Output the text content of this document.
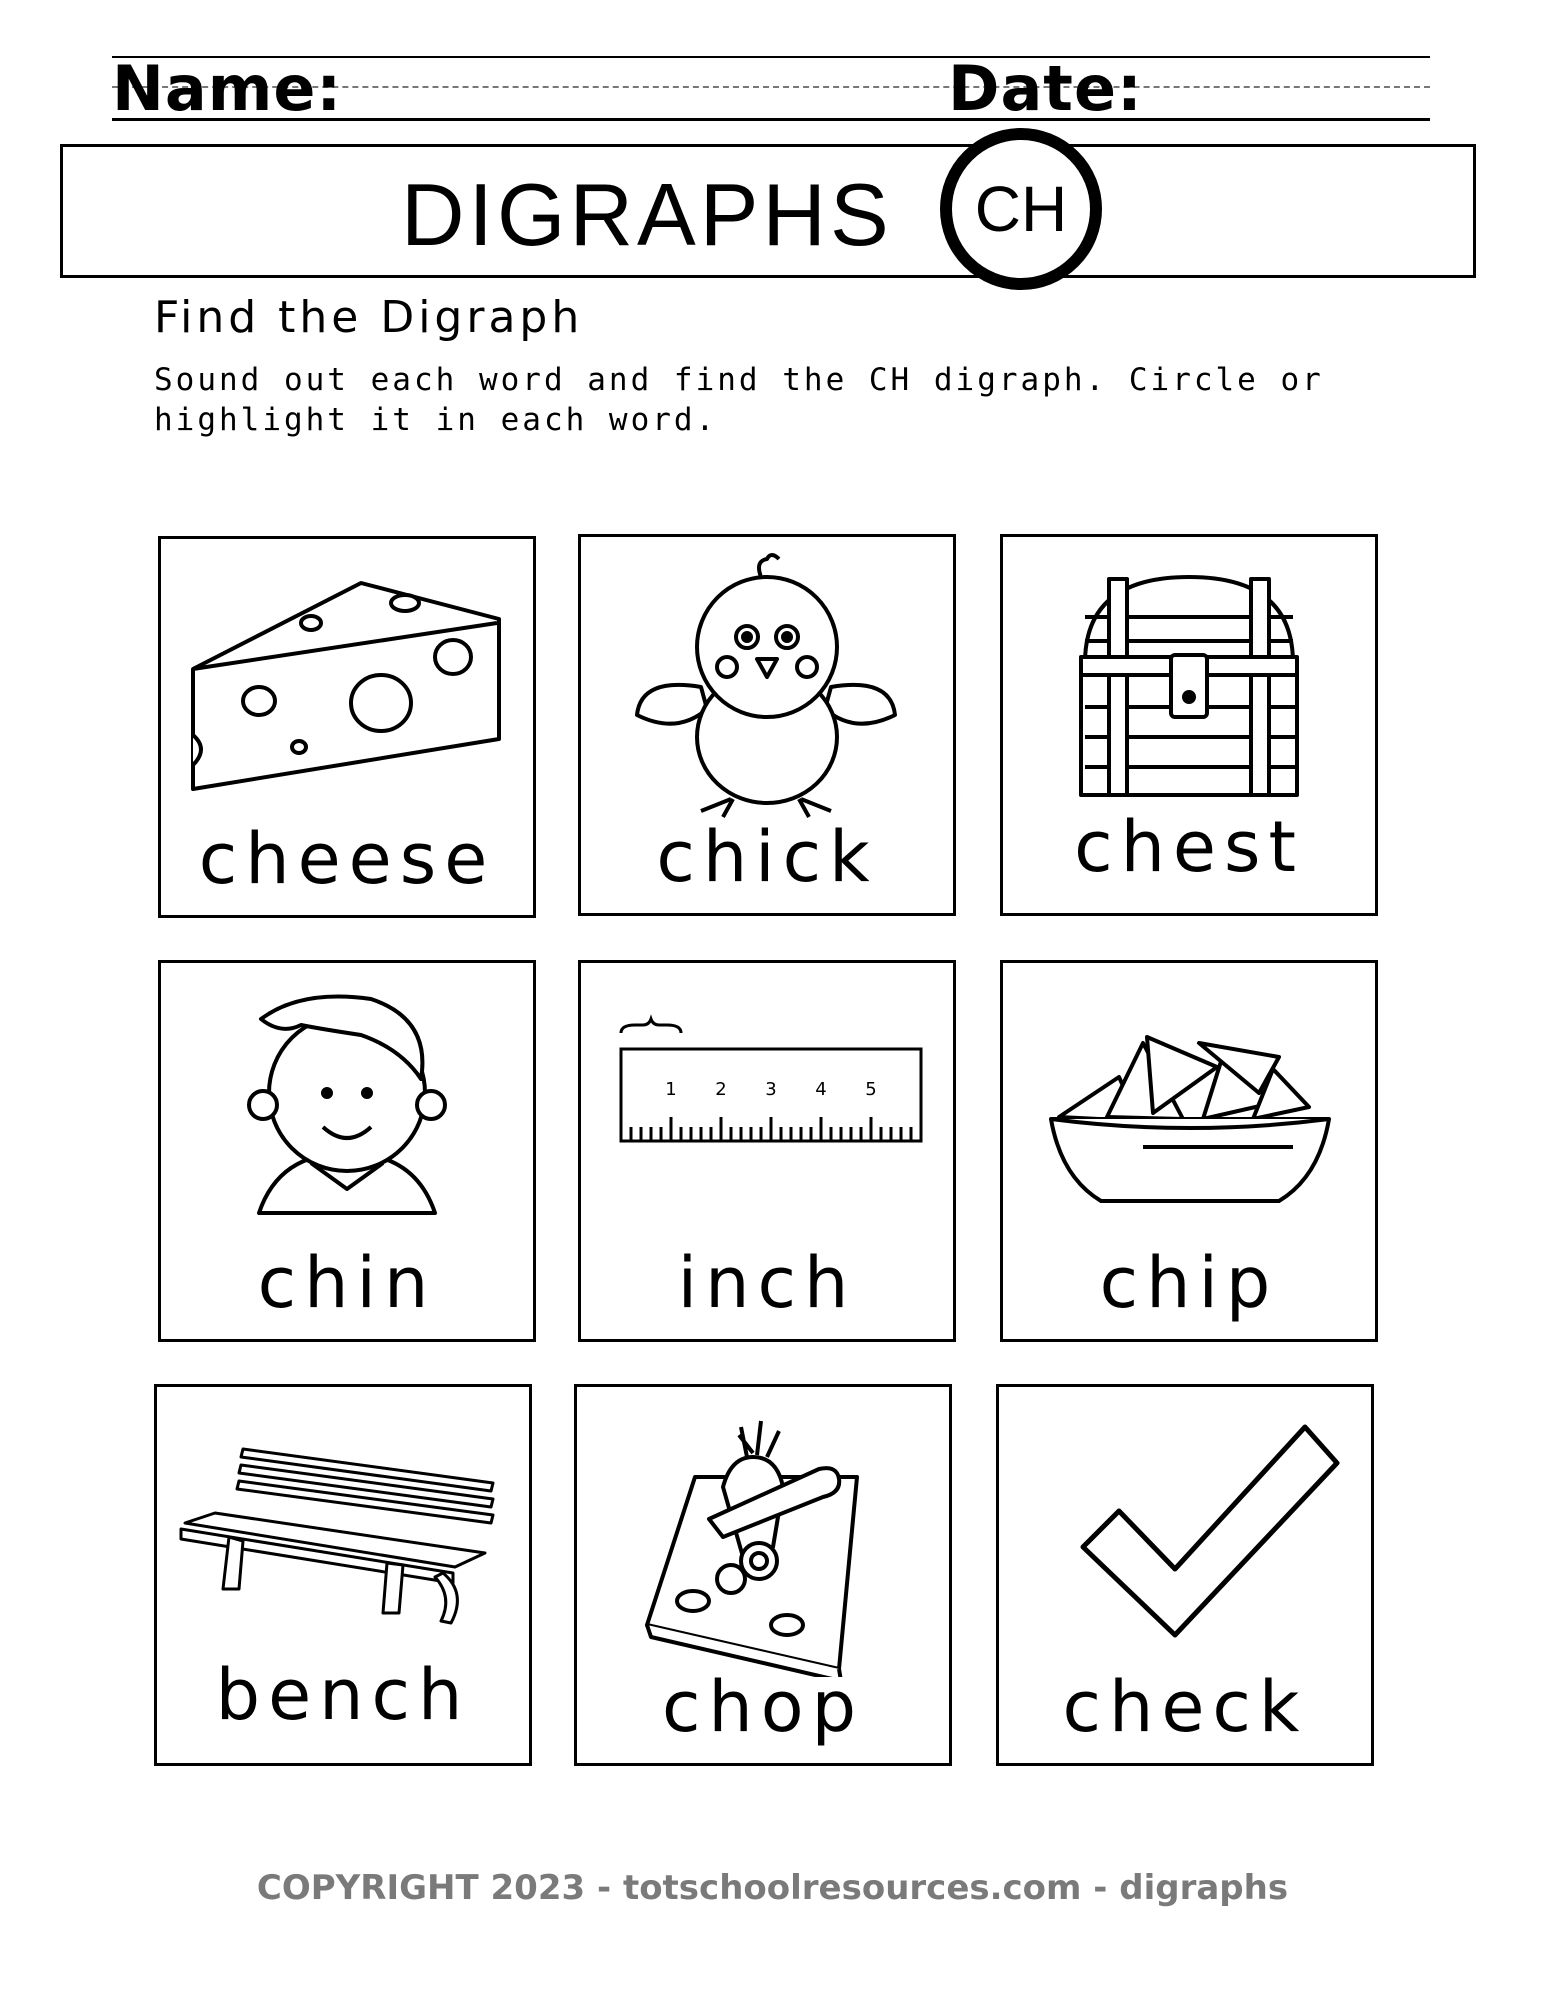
Name:	Date:
DIGRAPHS CH
Find the Digraph
Sound out each word and find the CH digraph. Circle or highlight it in each word.
cheese	chick	chest
chin
1 2 3 4 5
inch	chip
bench	chop	check
COPYRIGHT 2023 - totschoolresources.com - digraphs
